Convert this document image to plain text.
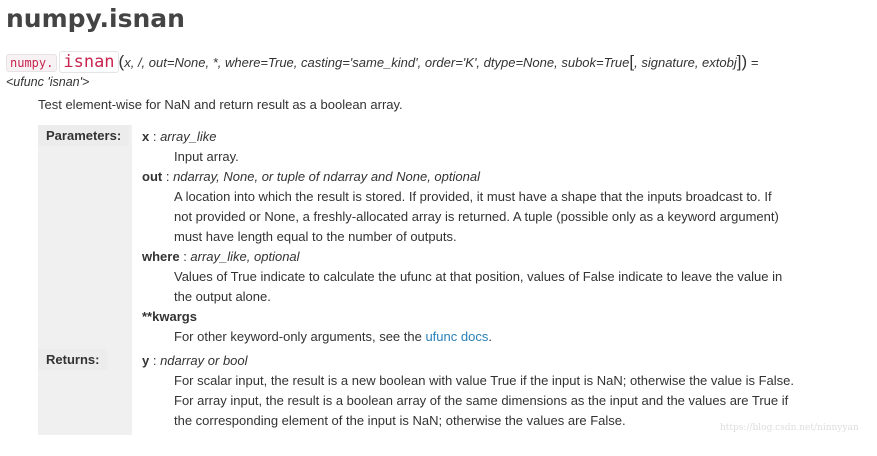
numpy.isnan
numpy. isnan (x, /, out=None, *, where=True, casting='same_kind', order='K', dtype=None, subok=True[, signature, extobj]) =
<ufunc 'isnan'>
Test element-wise for NaN and return result as a boolean array.
Parameters:	x : array_like
Input array.
out : ndarray, None, or tuple of ndarray and None, optional
A location into which the result is stored. If provided, it must have a shape that the inputs broadcast to. If
not provided or None, a freshly-allocated array is returned. A tuple (possible only as a keyword argument)
must have length equal to the number of outputs.
where : array_like, optional
Values of True indicate to calculate the ufunc at that position, values of False indicate to leave the value in
the output alone.
**kwargs
For other keyword-only arguments, see the ufunc docs.
Returns:	y : ndarray or bool
For scalar input, the result is a new boolean with value True if the input is NaN; otherwise the value is False.
For array input, the result is a boolean array of the same dimensions as the input and the values are True if
the corresponding element of the input is NaN; otherwise the values are False.	https://blog.csdn.net/ninnyyan
